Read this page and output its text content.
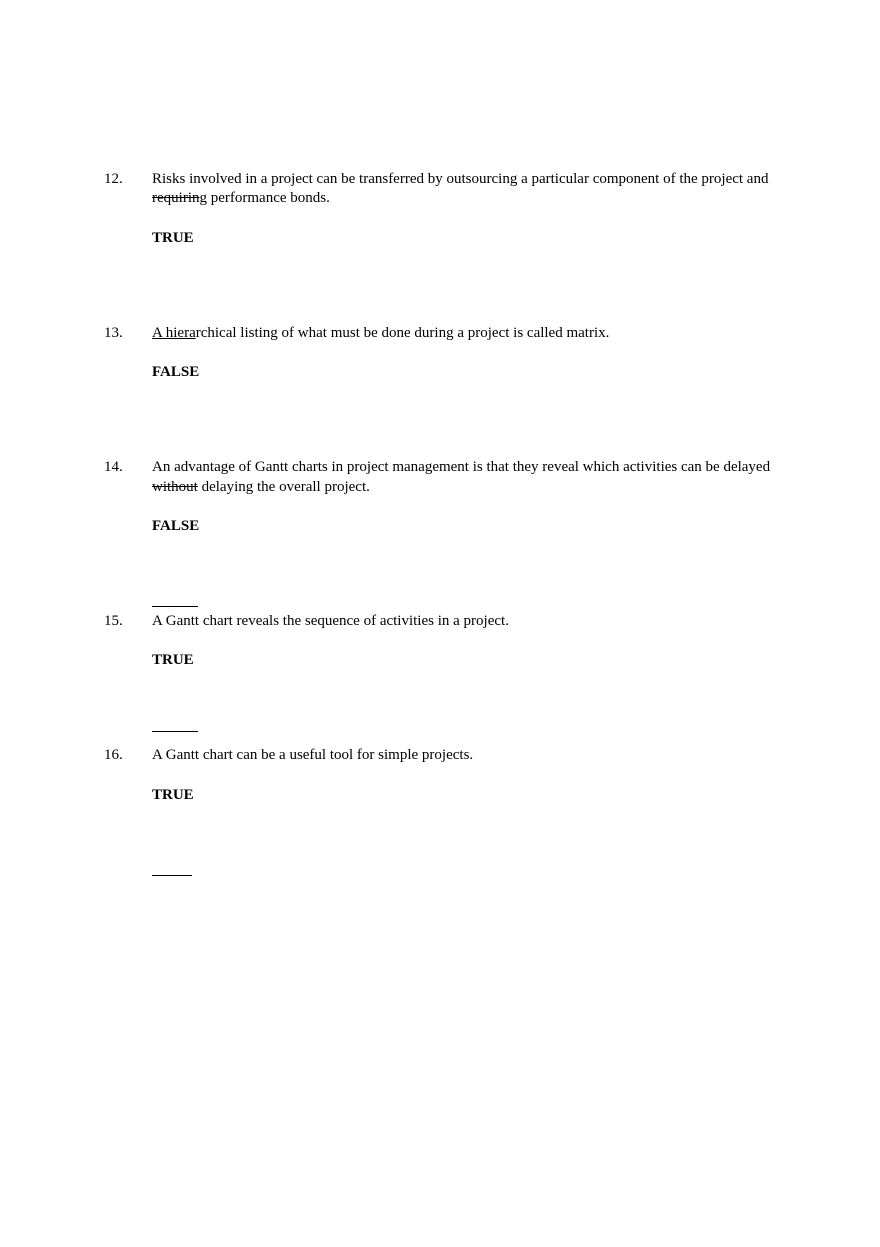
12. Risks involved in a project can be transferred by outsourcing a particular component of the project and
requiring performance bonds.
TRUE
13. A hierarchical listing of what must be done during a project is called matrix.
FALSE
14. An advantage of Gantt charts in project management is that they reveal which activities can be delayed
without delaying the overall project.
FALSE
15. A Gantt chart reveals the sequence of activities in a project.
TRUE
16. A Gantt chart can be a useful tool for simple projects.
TRUE
